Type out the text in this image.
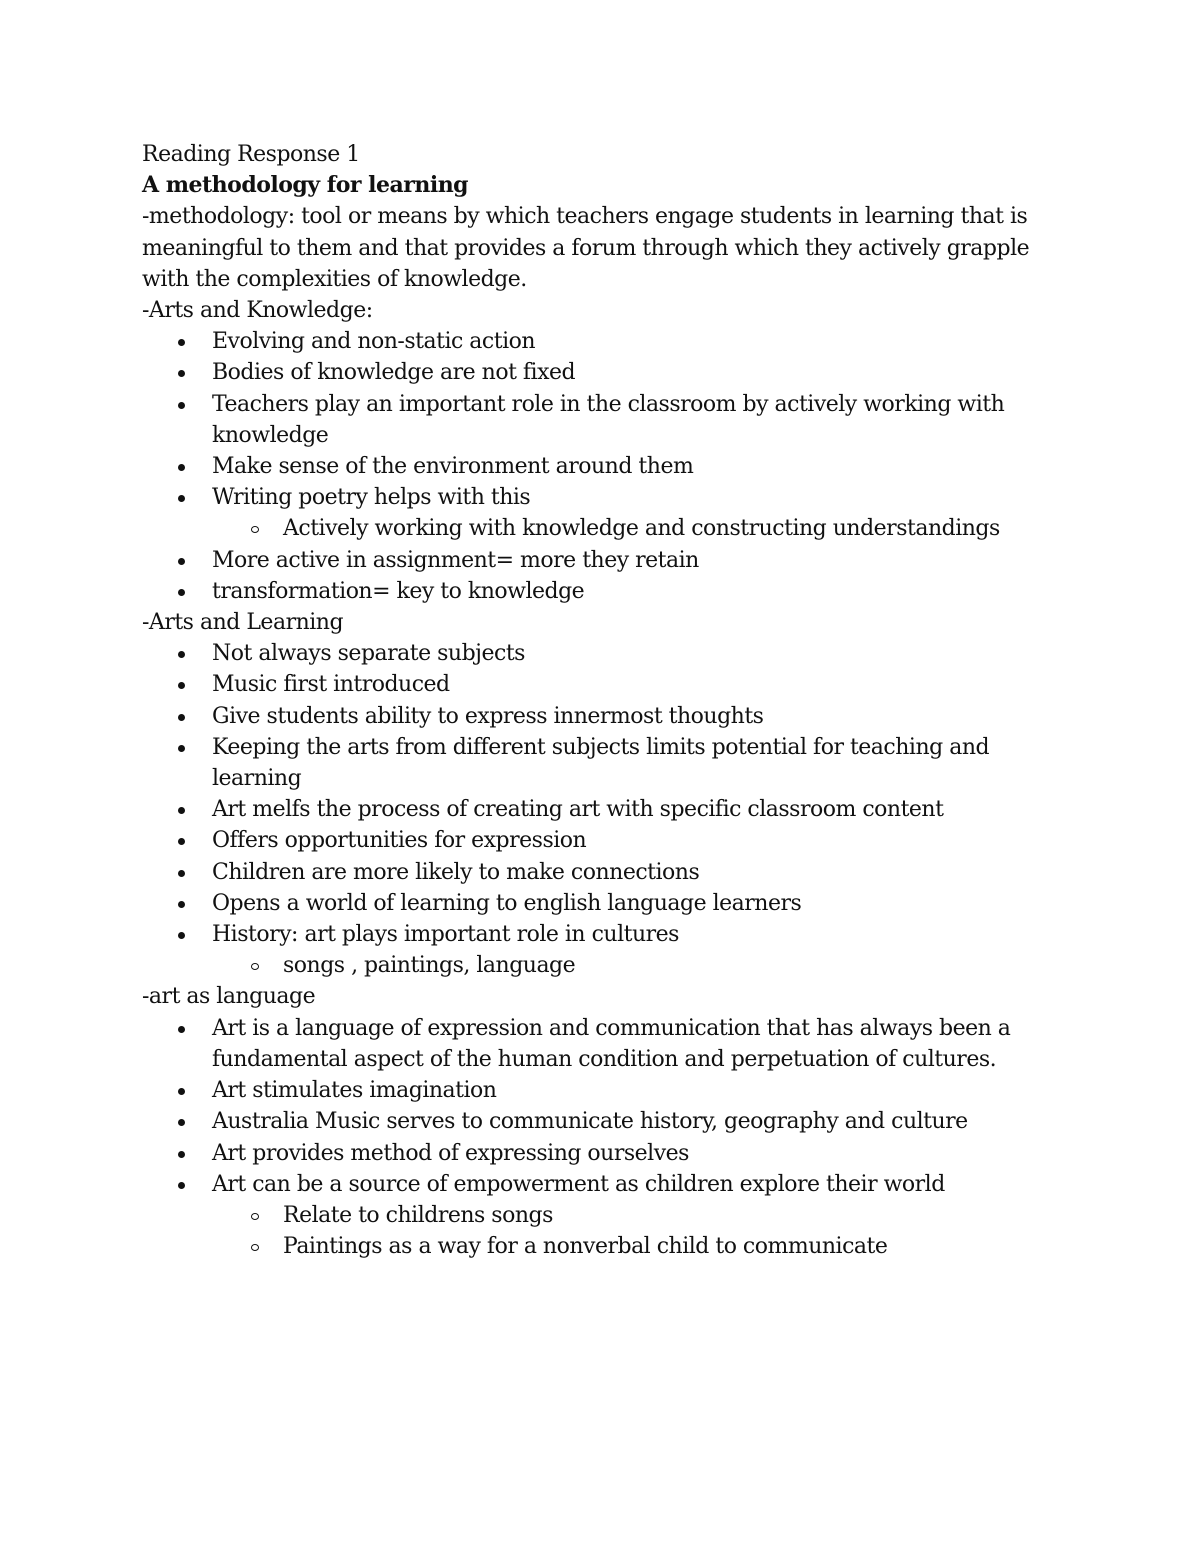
Reading Response 1

A methodology for learning

-methodology: tool or means by which teachers engage students in learning that is meaningful to them and that provides a forum through which they actively grapple with the complexities of knowledge.

-Arts and Knowledge:

Evolving and non-static action
Bodies of knowledge are not fixed
Teachers play an important role in the classroom by actively working with knowledge
Make sense of the environment around them
Writing poetry helps with this
Actively working with knowledge and constructing understandings
More active in assignment= more they retain
transformation= key to knowledge

-Arts and Learning

Not always separate subjects
Music first introduced
Give students ability to express innermost thoughts
Keeping the arts from different subjects limits potential for teaching and learning
Art melfs the process of creating art with specific classroom content
Offers opportunities for expression
Children are more likely to make connections
Opens a world of learning to english language learners
History: art plays important role in cultures
songs , paintings, language

-art as language

Art is a language of expression and communication that has always been a fundamental aspect of the human condition and perpetuation of cultures.
Art stimulates imagination
Australia Music serves to communicate history, geography and culture
Art provides method of expressing ourselves
Art can be a source of empowerment as children explore their world
Relate to childrens songs
Paintings as a way for a nonverbal child to communicate
